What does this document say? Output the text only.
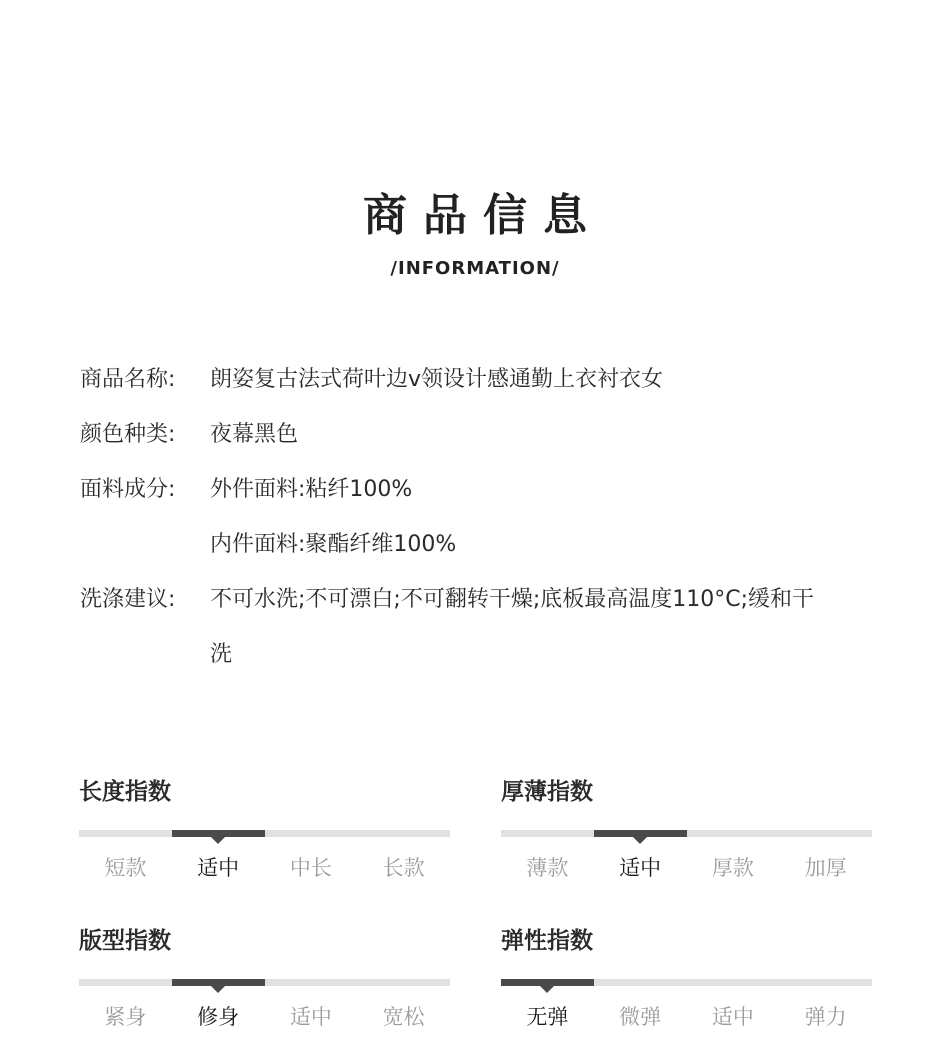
商品信息
/INFORMATION/
商品名称:	朗姿复古法式荷叶边v领设计感通勤上衣衬衣女
颜色种类:	夜幕黑色
面料成分:	外件面料:粘纤100%
内件面料:聚酯纤维100%
洗涤建议:	不可水洗;不可漂白;不可翻转干燥;底板最高温度110°C;缓和干
洗
长度指数
短款	适中	中长	长款
厚薄指数
薄款	适中	厚款	加厚
版型指数
紧身	修身	适中	宽松
弹性指数
无弹	微弹	适中	弹力
